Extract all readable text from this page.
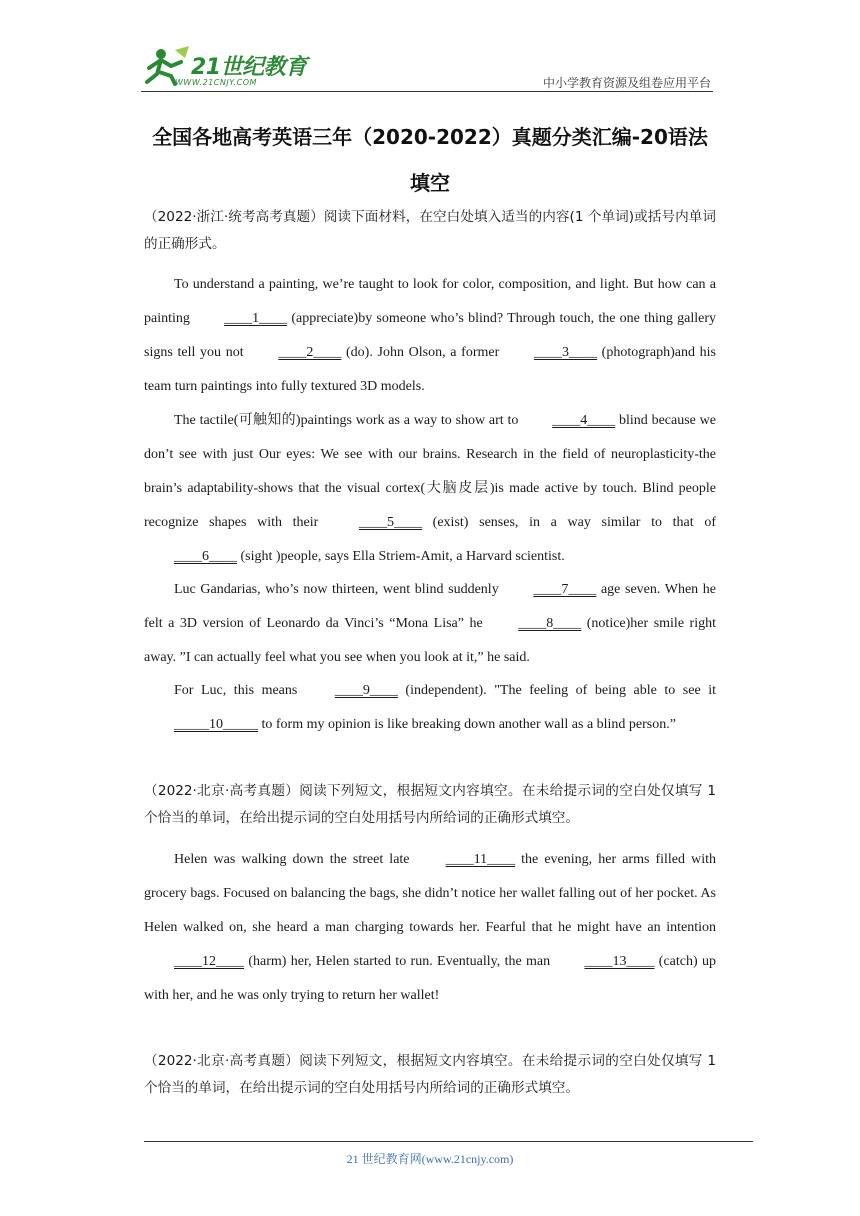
21世纪教育
WWW.21CNJY.COM	中小学教育资源及组卷应用平台
全国各地高考英语三年（2020-2022）真题分类汇编-20语法
填空
（2022·浙江·统考高考真题）阅读下面材料，在空白处填入适当的内容(1 个单词)或括号内单词的正确形式。
To understand a painting, we’re taught to look for color, composition, and light. But how can a painting ____1____ (appreciate)by someone who’s blind? Through touch, the one thing gallery signs tell you not ____2____ (do). John Olson, a former ____3____ (photograph)and his team turn paintings into fully textured 3D models.
The tactile(可触知的)paintings work as a way to show art to ____4____ blind because we don’t see with just Our eyes: We see with our brains. Research in the field of neuroplasticity-the brain’s adaptability-shows that the visual cortex(大脑皮层)is made active by touch. Blind people recognize shapes with their ____5____ (exist) senses, in a way similar to that of ____6____ (sight )people, says Ella Striem-Amit, a Harvard scientist.
Luc Gandarias, who’s now thirteen, went blind suddenly ____7____ age seven. When he felt a 3D version of Leonardo da Vinci’s “Mona Lisa” he ____8____ (notice)her smile right away. ”I can actually feel what you see when you look at it,” he said.
For Luc, this means ____9____ (independent). "The feeling of being able to see it _____10_____ to form my opinion is like breaking down another wall as a blind person.”
（2022·北京·高考真题）阅读下列短文，根据短文内容填空。在未给提示词的空白处仅填写 1 个恰当的单词，在给出提示词的空白处用括号内所给词的正确形式填空。
Helen was walking down the street late ____11____ the evening, her arms filled with grocery bags. Focused on balancing the bags, she didn’t notice her wallet falling out of her pocket. As Helen walked on, she heard a man charging towards her. Fearful that he might have an intention ____12____ (harm) her, Helen started to run. Eventually, the man ____13____ (catch) up with her, and he was only trying to return her wallet!
（2022·北京·高考真题）阅读下列短文，根据短文内容填空。在未给提示词的空白处仅填写 1 个恰当的单词，在给出提示词的空白处用括号内所给词的正确形式填空。
21 世纪教育网(www.21cnjy.com)
